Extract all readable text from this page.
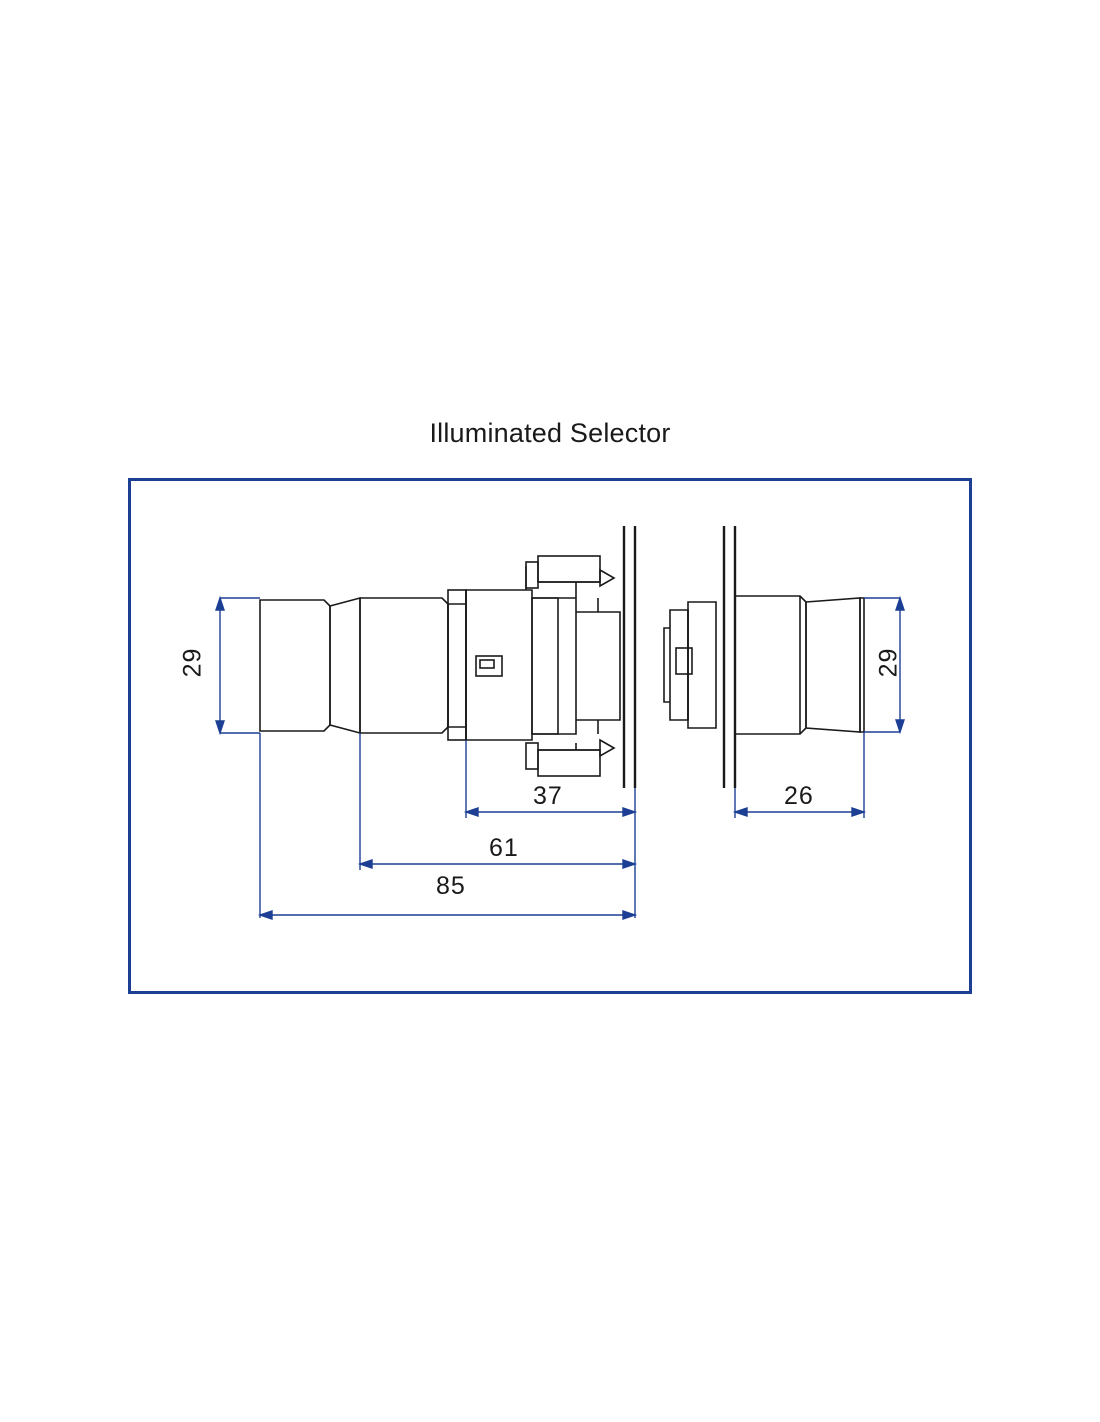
Illuminated Selector
29
37
61
85
29
26
